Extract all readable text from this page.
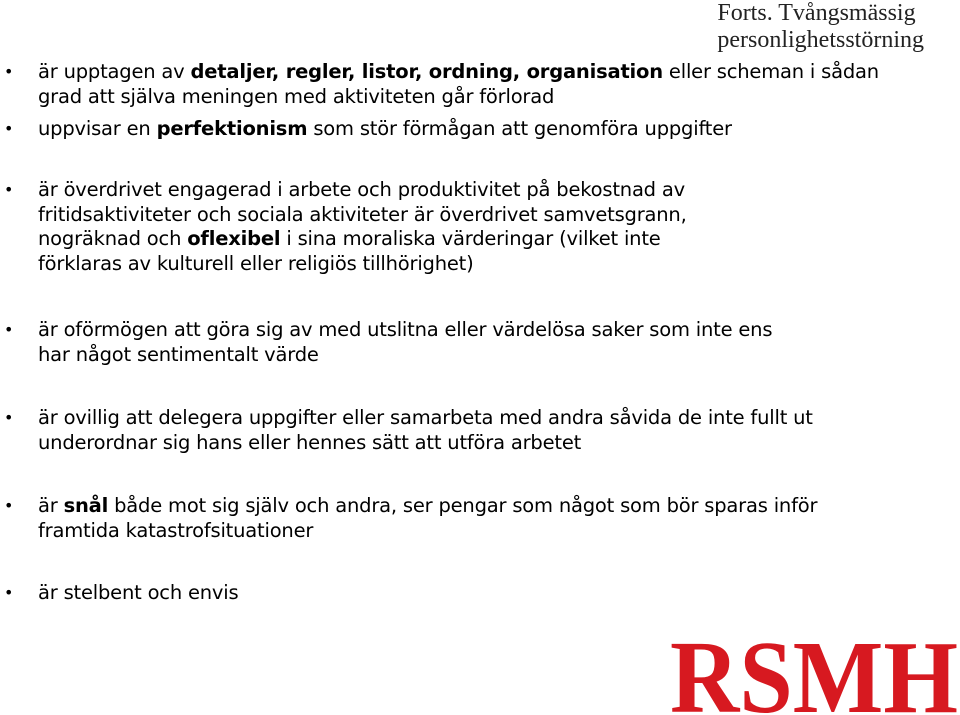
Forts. Tvångsmässig
personlighetsstörning
• är upptagen av detaljer, regler, listor, ordning, organisation eller scheman i sådan grad att själva meningen med aktiviteten går förlorad
• uppvisar en perfektionism som stör förmågan att genomföra uppgifter
• är överdrivet engagerad i arbete och produktivitet på bekostnad av fritidsaktiviteter och sociala aktiviteter är överdrivet samvetsgrann, nogräknad och oflexibel i sina moraliska värderingar (vilket inte förklaras av kulturell eller religiös tillhörighet)
• är oförmögen att göra sig av med utslitna eller värdelösa saker som inte ens har något sentimentalt värde
• är ovillig att delegera uppgifter eller samarbeta med andra såvida de inte fullt ut underordnar sig hans eller hennes sätt att utföra arbetet
• är snål både mot sig själv och andra, ser pengar som något som bör sparas inför framtida katastrofsituationer
• är stelbent och envis
RSMH
